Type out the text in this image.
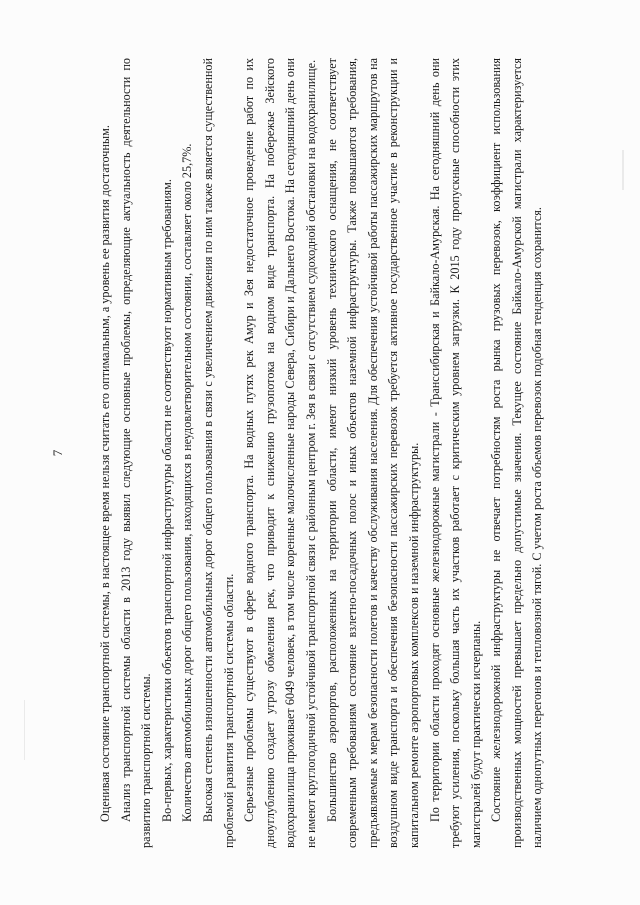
7	Оценивая состояние транспортной системы, в настоящее время нельзя считать его оптимальным, а уровень ее развития достаточным. Анализ транспортной системы области в 2013 году выявил следующие основные проблемы, определяющие актуальность деятельности по развитию транспортной системы. Во-первых, характеристики объектов транспортной инфраструктуры области не соответствуют нормативным требованиям. Количество автомобильных дорог общего пользования, находящихся в неудовлетворительном состоянии, составляет около 25,7%. Высокая степень изношенности автомобильных дорог общего пользования в связи с увеличением движения по ним также является существенной проблемой развития транспортной системы области. Серьезные проблемы существуют в сфере водного транспорта. На водных путях рек Амур и Зея недостаточное проведение работ по их дноуглублению создает угрозу обмеления рек, что приводит к снижению грузопотока на водном виде транспорта. На побережье Зейского водохранилища проживает 6049 человек, в том числе коренные малочисленные народы Севера, Сибири и Дальнего Востока. На сегодняшний день они не имеют круглогодичной устойчивой транспортной связи с районным центром г. Зея в связи с отсутствием судоходной обстановки на водохранилище. Большинство аэропортов, расположенных на территории области, имеют низкий уровень технического оснащения, не соответствует современным требованиям состояние взлетно-посадочных полос и иных объектов наземной инфраструктуры. Также повышаются требования, предъявляемые к мерам безопасности полетов и качеству обслуживания населения. Для обеспечения устойчивой работы пассажирских маршрутов на воздушном виде транспорта и обеспечения безопасности пассажирских перевозок требуется активное государственное участие в реконструкции и капитальном ремонте аэропортовых комплексов и наземной инфраструктуры. По территории области проходят основные железнодорожные магистрали - Транссибирская и Байкало-Амурская. На сегодняшний день они требуют усиления, поскольку большая часть их участков работает с критическим уровнем загрузки. К 2015 году пропускные способности этих магистралей будут практически исчерпаны. Состояние железнодорожной инфраструктуры не отвечает потребностям роста рынка грузовых перевозок, коэффициент использования производственных мощностей превышает предельно допустимые значения. Текущее состояние Байкало-Амурской магистрали характеризуется наличием однопутных перегонов и тепловозной тягой. С учетом роста объемов перевозок подобная тенденция сохранится.
